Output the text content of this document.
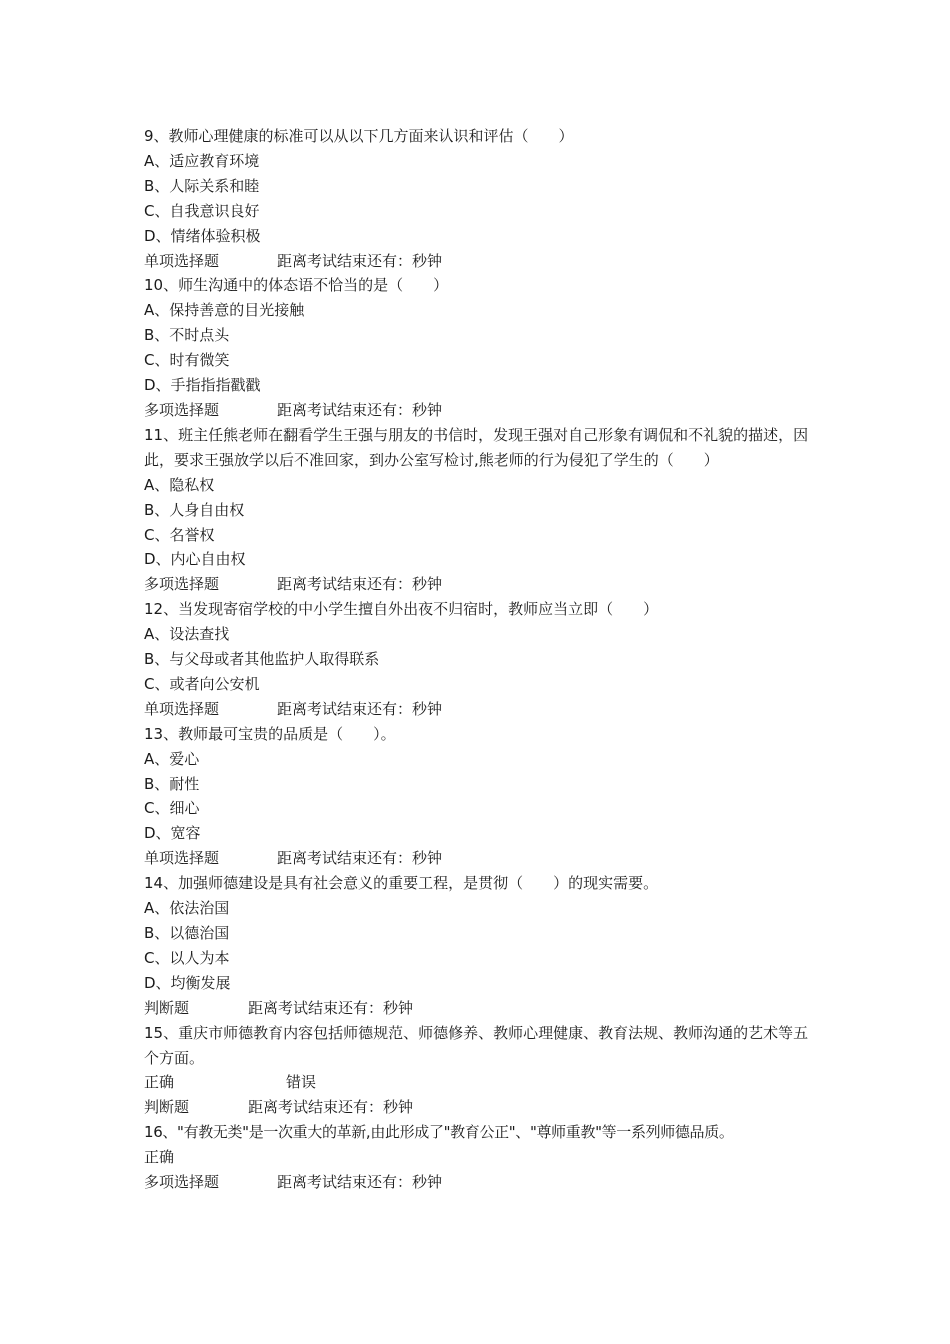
9、教师心理健康的标准可以从以下几方面来认识和评估（　　）
A、适应教育环境
B、人际关系和睦
C、自我意识良好
D、情绪体验积极
单项选择题	距离考试结束还有：秒钟
10、师生沟通中的体态语不恰当的是（　　）
A、保持善意的目光接触
B、不时点头
C、时有微笑
D、手指指指戳戳
多项选择题	距离考试结束还有：秒钟
11、班主任熊老师在翻看学生王强与朋友的书信时，发现王强对自己形象有调侃和不礼貌的描述，因此，要求王强放学以后不准回家，到办公室写检讨,熊老师的行为侵犯了学生的（　　）
A、隐私权
B、人身自由权
C、名誉权
D、内心自由权
多项选择题	距离考试结束还有：秒钟
12、当发现寄宿学校的中小学生擅自外出夜不归宿时，教师应当立即（　　）
A、设法查找
B、与父母或者其他监护人取得联系
C、或者向公安机
单项选择题	距离考试结束还有：秒钟
13、教师最可宝贵的品质是（　　）。
A、爱心
B、耐性
C、细心
D、宽容
单项选择题	距离考试结束还有：秒钟
14、加强师德建设是具有社会意义的重要工程，是贯彻（　　）的现实需要。
A、依法治国
B、以德治国
C、以人为本
D、均衡发展
判断题	距离考试结束还有：秒钟
15、重庆市师德教育内容包括师德规范、师德修养、教师心理健康、教育法规、教师沟通的艺术等五个方面。
正确	错误
判断题	距离考试结束还有：秒钟
16、"有教无类"是一次重大的革新,由此形成了"教育公正"、"尊师重教"等一系列师德品质。
正确
多项选择题	距离考试结束还有：秒钟
